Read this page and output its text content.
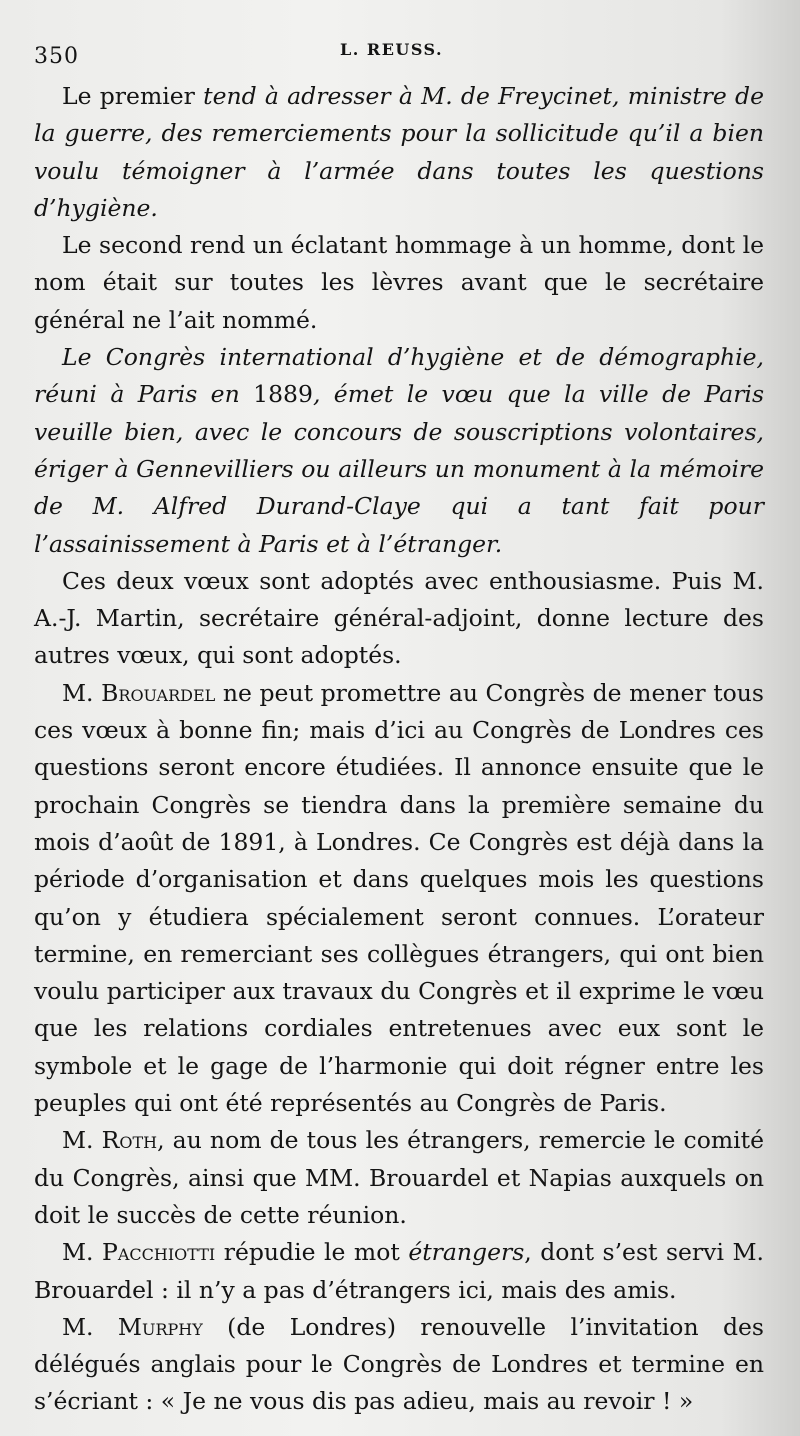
350	L. REUSS.

Le premier tend à adresser à M. de Freycinet, ministre de la guerre, des remerciements pour la sollicitude qu’il a bien voulu témoigner à l’armée dans toutes les questions d’hygiène.

Le second rend un éclatant hommage à un homme, dont le nom était sur toutes les lèvres avant que le secrétaire général ne l’ait nommé.

Le Congrès international d’hygiène et de démographie, réuni à Paris en 1889, émet le vœu que la ville de Paris veuille bien, avec le concours de souscriptions volontaires, ériger à Gennevilliers ou ailleurs un monument à la mémoire de M. Alfred Durand-Claye qui a tant fait pour l’assainissement à Paris et à l’étranger.

Ces deux vœux sont adoptés avec enthousiasme. Puis M. A.-J. Martin, secrétaire général-adjoint, donne lecture des autres vœux, qui sont adoptés.

M. Brouardel ne peut promettre au Congrès de mener tous ces vœux à bonne fin; mais d’ici au Congrès de Londres ces questions seront encore étudiées. Il annonce ensuite que le prochain Congrès se tiendra dans la première semaine du mois d’août de 1891, à Londres. Ce Congrès est déjà dans la période d’organisation et dans quelques mois les questions qu’on y étudiera spécialement seront connues. L’orateur termine, en remerciant ses collègues étrangers, qui ont bien voulu participer aux travaux du Congrès et il exprime le vœu que les relations cordiales entretenues avec eux sont le symbole et le gage de l’harmonie qui doit régner entre les peuples qui ont été représentés au Congrès de Paris.

M. Roth, au nom de tous les étrangers, remercie le comité du Congrès, ainsi que MM. Brouardel et Napias auxquels on doit le succès de cette réunion.

M. Pacchiotti répudie le mot étrangers, dont s’est servi M. Brouardel : il n’y a pas d’étrangers ici, mais des amis.

M. Murphy (de Londres) renouvelle l’invitation des délégués anglais pour le Congrès de Londres et termine en s’écriant : « Je ne vous dis pas adieu, mais au revoir ! »
